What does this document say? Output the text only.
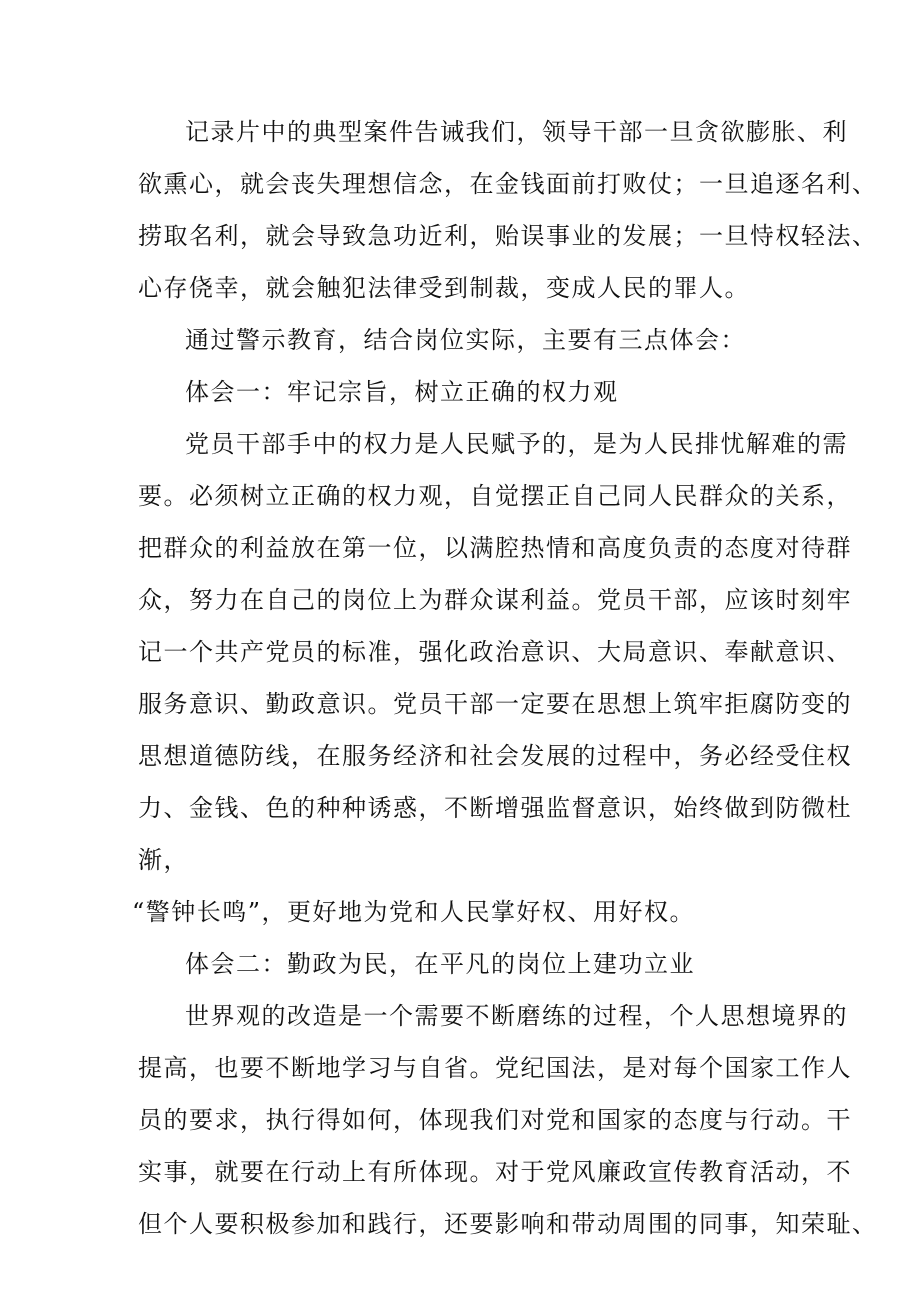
记录片中的典型案件告诫我们，领导干部一旦贪欲膨胀、利
欲熏心，就会丧失理想信念，在金钱面前打败仗；一旦追逐名利、
捞取名利，就会导致急功近利，贻误事业的发展；一旦恃权轻法、
心存侥幸，就会触犯法律受到制裁，变成人民的罪人。
通过警示教育，结合岗位实际，主要有三点体会：
体会一：牢记宗旨，树立正确的权力观
党员干部手中的权力是人民赋予的，是为人民排忧解难的需
要。必须树立正确的权力观，自觉摆正自己同人民群众的关系，
把群众的利益放在第一位，以满腔热情和高度负责的态度对待群
众，努力在自己的岗位上为群众谋利益。党员干部，应该时刻牢
记一个共产党员的标准，强化政治意识、大局意识、奉献意识、
服务意识、勤政意识。党员干部一定要在思想上筑牢拒腐防变的
思想道德防线，在服务经济和社会发展的过程中，务必经受住权
力、金钱、色的种种诱惑，不断增强监督意识，始终做到防微杜
渐，
“警钟长鸣”，更好地为党和人民掌好权、用好权。
体会二：勤政为民，在平凡的岗位上建功立业
世界观的改造是一个需要不断磨练的过程，个人思想境界的
提高，也要不断地学习与自省。党纪国法，是对每个国家工作人
员的要求，执行得如何，体现我们对党和国家的态度与行动。干
实事，就要在行动上有所体现。对于党风廉政宣传教育活动，不
但个人要积极参加和践行，还要影响和带动周围的同事，知荣耻、
